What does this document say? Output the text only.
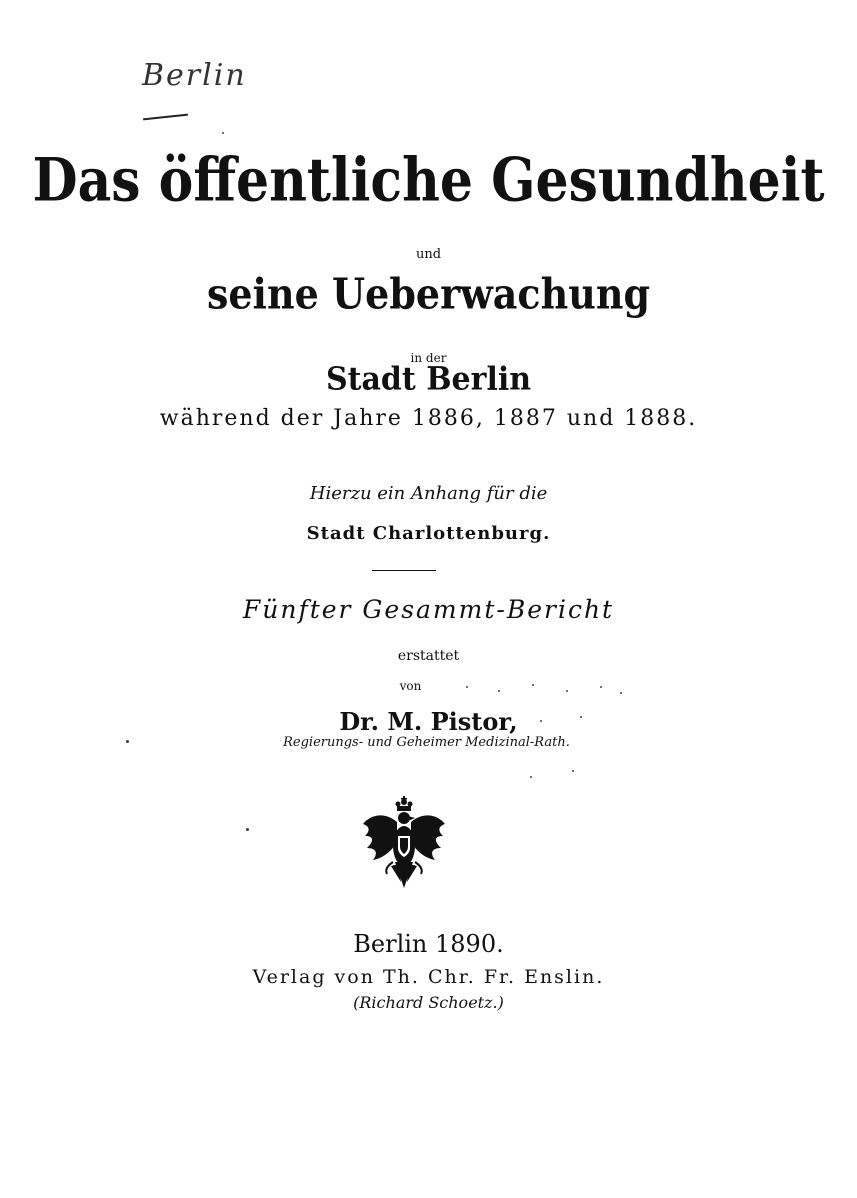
Berlin
Das öffentliche Gesundheit
und
seine Ueberwachung
in der
Stadt Berlin
während der Jahre 1886, 1887 und 1888.
Hierzu ein Anhang für die
Stadt Charlottenburg.
Fünfter Gesammt-Bericht
erstattet
von
Dr. M. Pistor,
Regierungs- und Geheimer Medizinal-Rath.
Berlin 1890.
Verlag von Th. Chr. Fr. Enslin.
(Richard Schoetz.)
